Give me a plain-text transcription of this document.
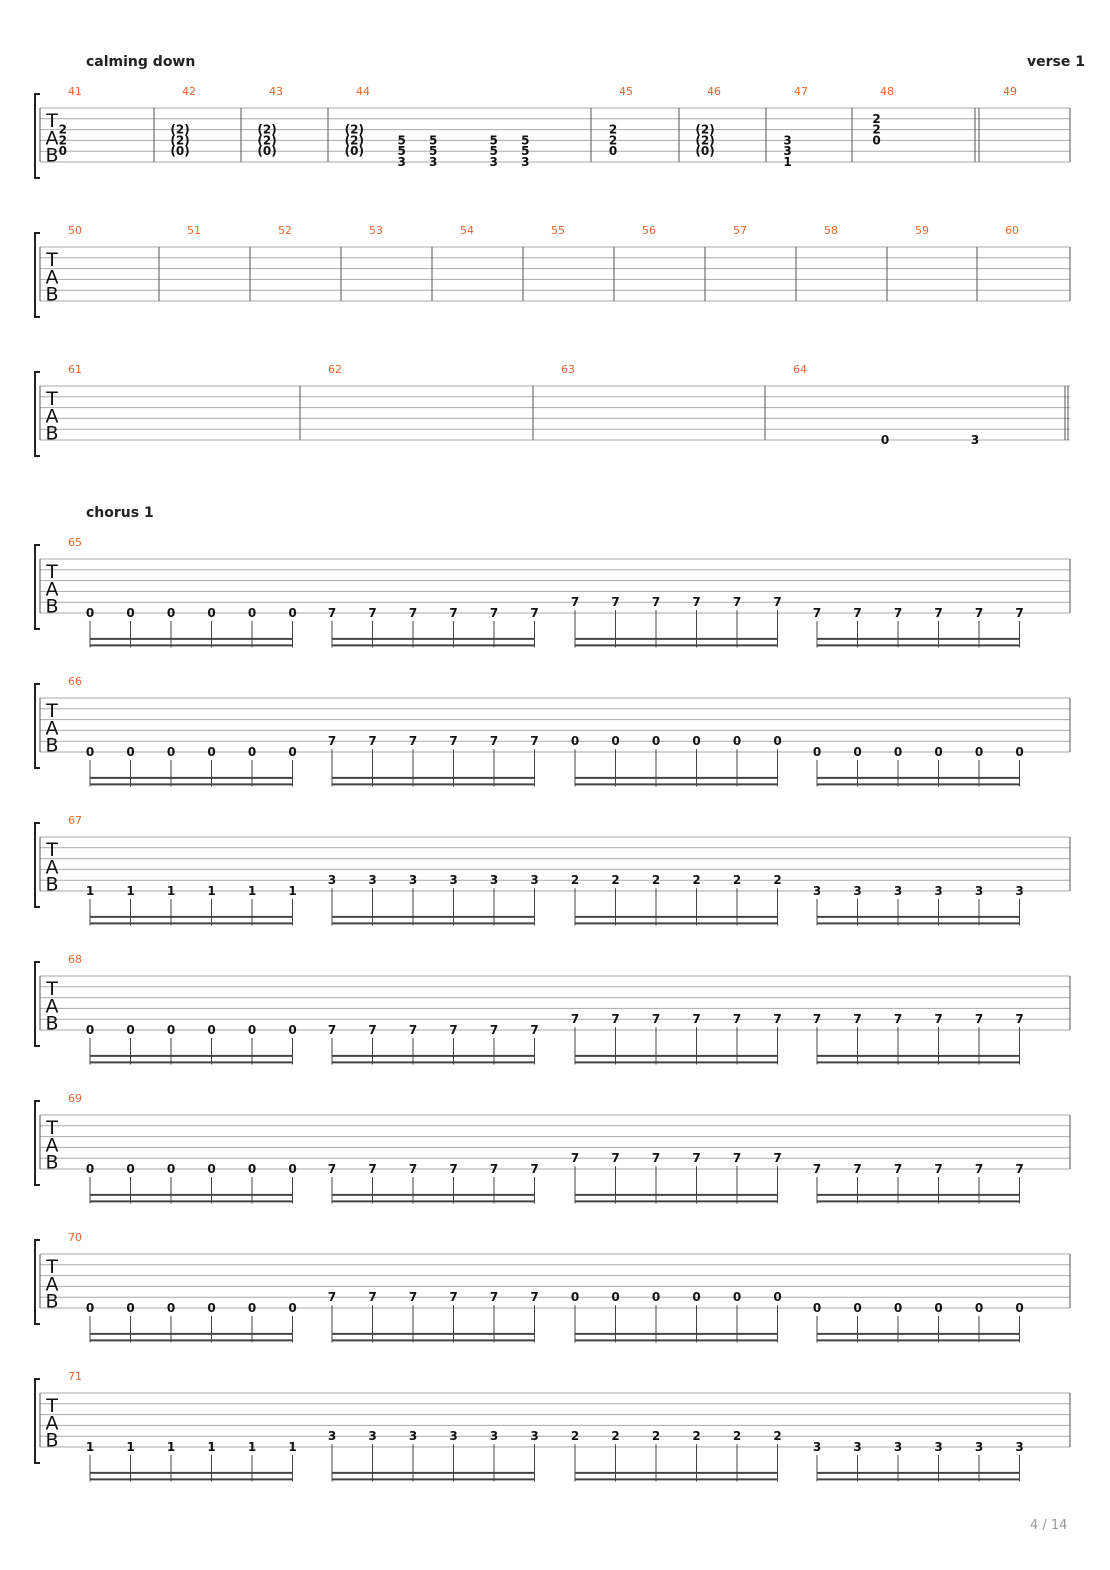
calming down	verse 1
chorus 1
T
A
B
41
2
2
0
42
(2)
(2)
(0)
43
(2)
(2)
(0)
44
(2)
(2)
(0)
5
5
3
5
5
3
5
5
3
5
5
3
45
2
2
0
46
(2)
(2)
(0)
47
3
3
1
48
2
2
0
49
T
A
B
50	51	52	53	54	55	56	57	58	59	60
T
A
B
61	62	63	64
0	3
T
A
B
65
0	0	0	0	0	0	7	7	7	7	7	7
7	7	7	7	7	7
7	7	7	7	7	7
T
A
B
66
0	0	0	0	0	0
7	7	7	7	7	7	0	0	0	0	0	0
0	0	0	0	0	0
T
A
B
67
1	1	1	1	1	1
3	3	3	3	3	3	2	2	2	2	2	2
3	3	3	3	3	3
T
A
B
68
0	0	0	0	0	0	7	7	7	7	7	7
7	7	7	7	7	7	7	7	7	7	7	7
T
A
B
69
0	0	0	0	0	0	7	7	7	7	7	7
7	7	7	7	7	7
7	7	7	7	7	7
T
A
B
70
0	0	0	0	0	0
7	7	7	7	7	7	0	0	0	0	0	0
0	0	0	0	0	0
T
A
B
71
1	1	1	1	1	1
3	3	3	3	3	3	2	2	2	2	2	2
3	3	3	3	3	3
4 / 14
